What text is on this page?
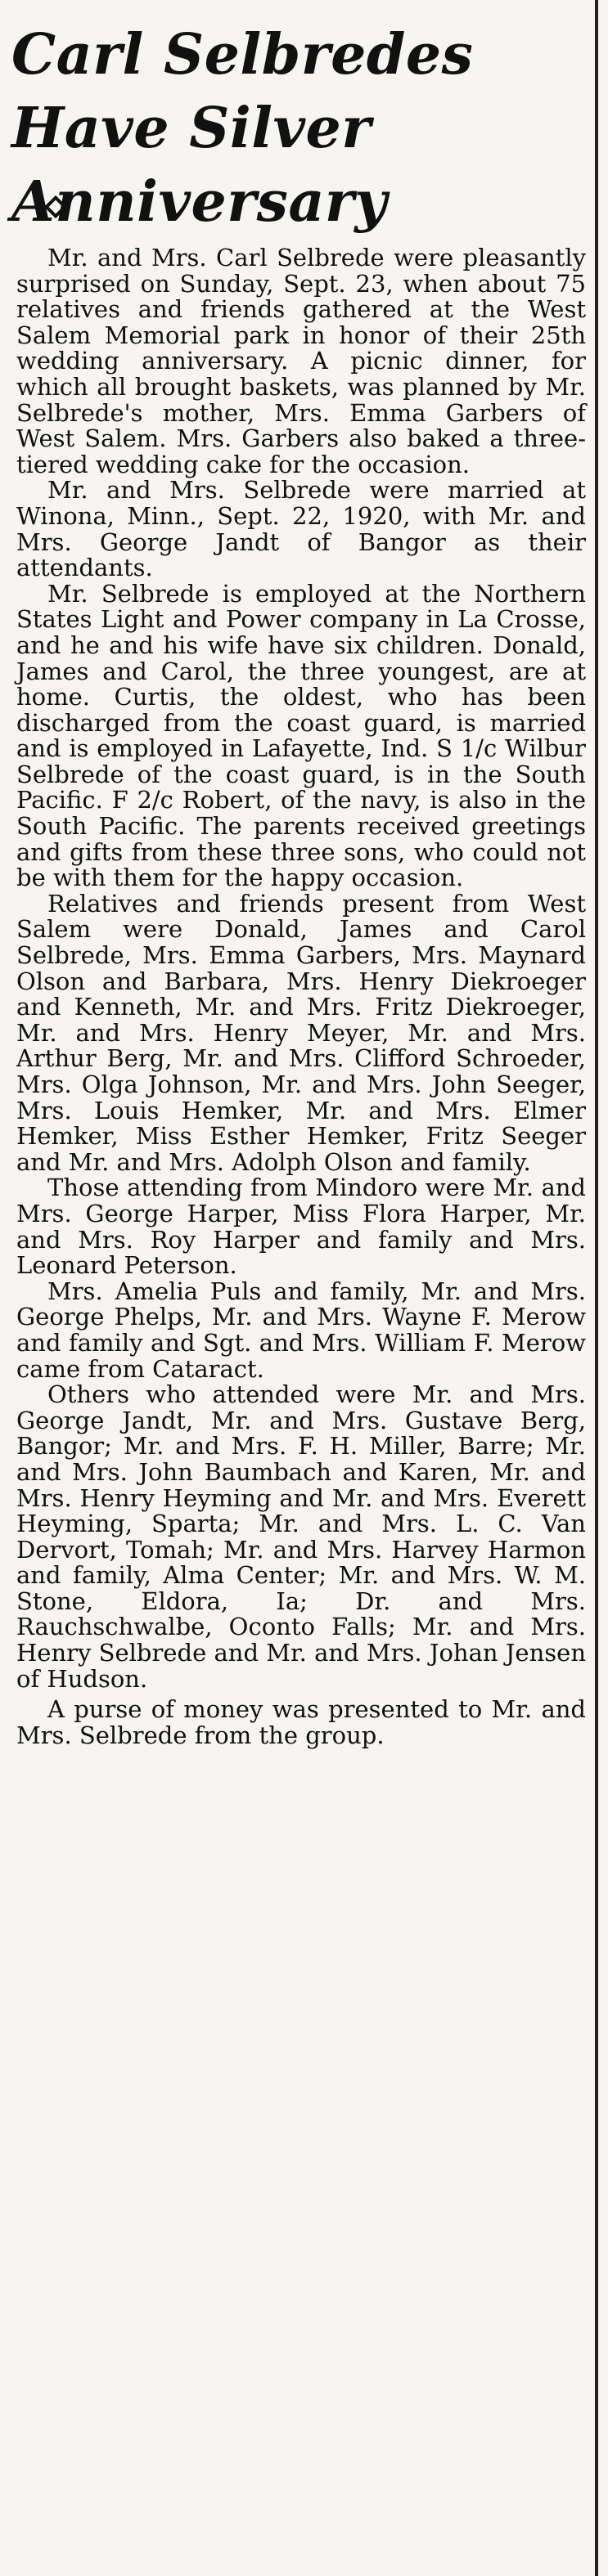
Carl Selbredes Have Silver Anniversary

Mr. and Mrs. Carl Selbrede were pleasantly surprised on Sunday, Sept. 23, when about 75 relatives and friends gathered at the West Salem Memorial park in honor of their 25th wedding anniversary. A picnic dinner, for which all brought baskets, was planned by Mr. Selbrede's mother, Mrs. Emma Garbers of West Salem. Mrs. Garbers also baked a three-tiered wedding cake for the occasion.

Mr. and Mrs. Selbrede were married at Winona, Minn., Sept. 22, 1920, with Mr. and Mrs. George Jandt of Bangor as their attendants.

Mr. Selbrede is employed at the Northern States Light and Power company in La Crosse, and he and his wife have six children. Donald, James and Carol, the three youngest, are at home. Curtis, the oldest, who has been discharged from the coast guard, is married and is employed in Lafayette, Ind. S 1/c Wilbur Selbrede of the coast guard, is in the South Pacific. F 2/c Robert, of the navy, is also in the South Pacific. The parents received greetings and gifts from these three sons, who could not be with them for the happy occasion.

Relatives and friends present from West Salem were Donald, James and Carol Selbrede, Mrs. Emma Garbers, Mrs. Maynard Olson and Barbara, Mrs. Henry Diekroeger and Kenneth, Mr. and Mrs. Fritz Diekroeger, Mr. and Mrs. Henry Meyer, Mr. and Mrs. Arthur Berg, Mr. and Mrs. Clifford Schroeder, Mrs. Olga Johnson, Mr. and Mrs. John Seeger, Mrs. Louis Hemker, Mr. and Mrs. Elmer Hemker, Miss Esther Hemker, Fritz Seeger and Mr. and Mrs. Adolph Olson and family.

Those attending from Mindoro were Mr. and Mrs. George Harper, Miss Flora Harper, Mr. and Mrs. Roy Harper and family and Mrs. Leonard Peterson.

Mrs. Amelia Puls and family, Mr. and Mrs. George Phelps, Mr. and Mrs. Wayne F. Merow and family and Sgt. and Mrs. William F. Merow came from Cataract.

Others who attended were Mr. and Mrs. George Jandt, Mr. and Mrs. Gustave Berg, Bangor; Mr. and Mrs. F. H. Miller, Barre; Mr. and Mrs. John Baumbach and Karen, Mr. and Mrs. Henry Heyming and Mr. and Mrs. Everett Heyming, Sparta; Mr. and Mrs. L. C. Van Dervort, Tomah; Mr. and Mrs. Harvey Harmon and family, Alma Center; Mr. and Mrs. W. M. Stone, Eldora, Ia; Dr. and Mrs. Rauchschwalbe, Oconto Falls; Mr. and Mrs. Henry Selbrede and Mr. and Mrs. Johan Jensen of Hudson.

A purse of money was presented to Mr. and Mrs. Selbrede from the group.
